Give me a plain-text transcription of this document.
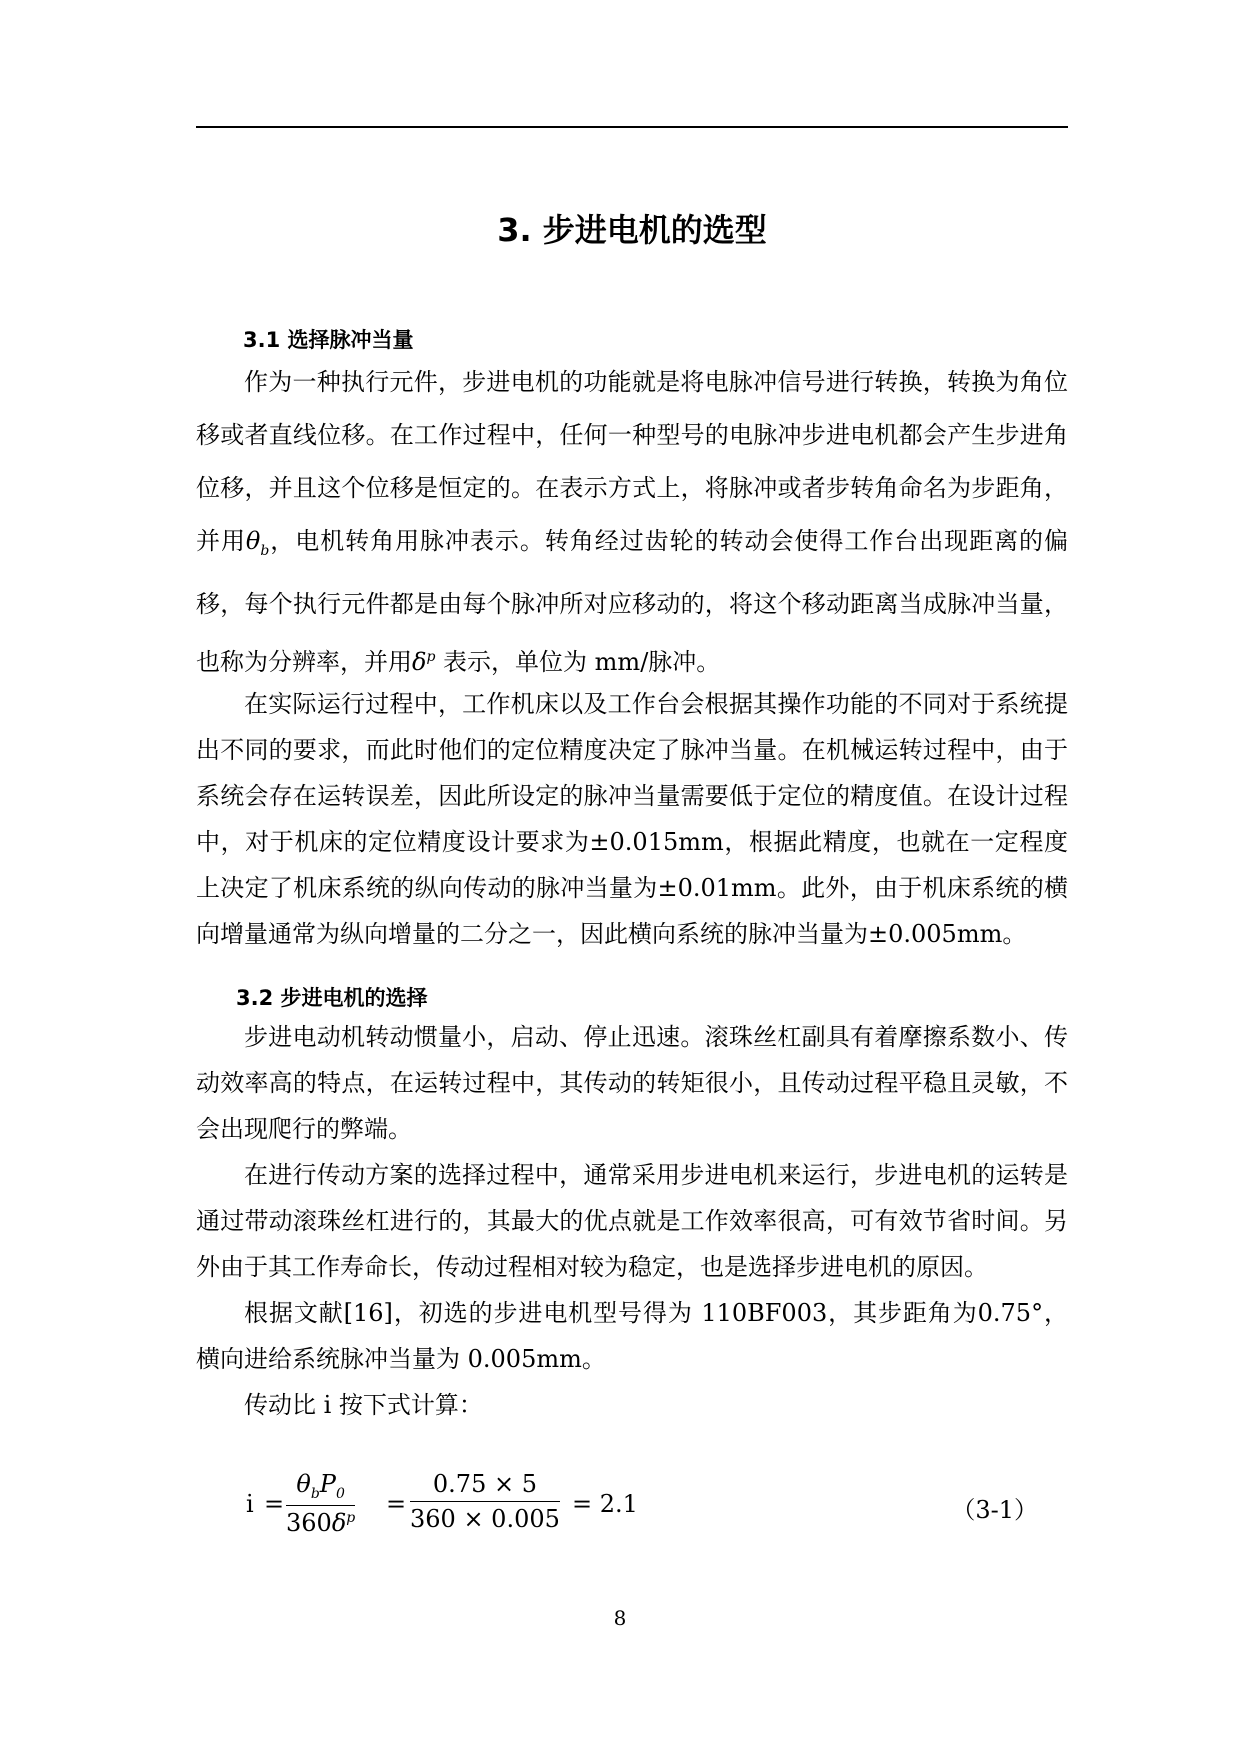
3. 步进电机的选型
3.1 选择脉冲当量

作为一种执行元件，步进电机的功能就是将电脉冲信号进行转换，转换为角位移或者直线位移。在工作过程中，任何一种型号的电脉冲步进电机都会产生步进角位移，并且这个位移是恒定的。在表示方式上，将脉冲或者步转角命名为步距角，并用$\theta_b$，电机转角用脉冲表示。转角经过齿轮的转动会使得工作台出现距离的偏移，每个执行元件都是由每个脉冲所对应移动的，将这个移动距离当成脉冲当量，也称为分辨率，并用$\delta^p$ 表示，单位为 mm/脉冲。

在实际运行过程中，工作机床以及工作台会根据其操作功能的不同对于系统提出不同的要求，而此时他们的定位精度决定了脉冲当量。在机械运转过程中，由于系统会存在运转误差，因此所设定的脉冲当量需要低于定位的精度值。在设计过程中，对于机床的定位精度设计要求为±0.015mm，根据此精度，也就在一定程度上决定了机床系统的纵向传动的脉冲当量为±0.01mm。此外，由于机床系统的横向增量通常为纵向增量的二分之一，因此横向系统的脉冲当量为±0.005mm。

3.2 步进电机的选择

步进电动机转动惯量小，启动、停止迅速。滚珠丝杠副具有着摩擦系数小、传动效率高的特点，在运转过程中，其传动的转矩很小，且传动过程平稳且灵敏，不会出现爬行的弊端。

在进行传动方案的选择过程中，通常采用步进电机来运行，步进电机的运转是通过带动滚珠丝杠进行的，其最大的优点就是工作效率很高，可有效节省时间。另外由于其工作寿命长，传动过程相对较为稳定，也是选择步进电机的原因。

根据文献[16]，初选的步进电机型号得为 110BF003，其步距角为0.75°，横向进给系统脉冲当量为 0.005mm。

传动比 i 按下式计算：

i =
$\theta_bP_0$
$360\delta^p = \frac{0.75 \times 5}{360 \times 0.005} = 2.1$	（3-1）
8
